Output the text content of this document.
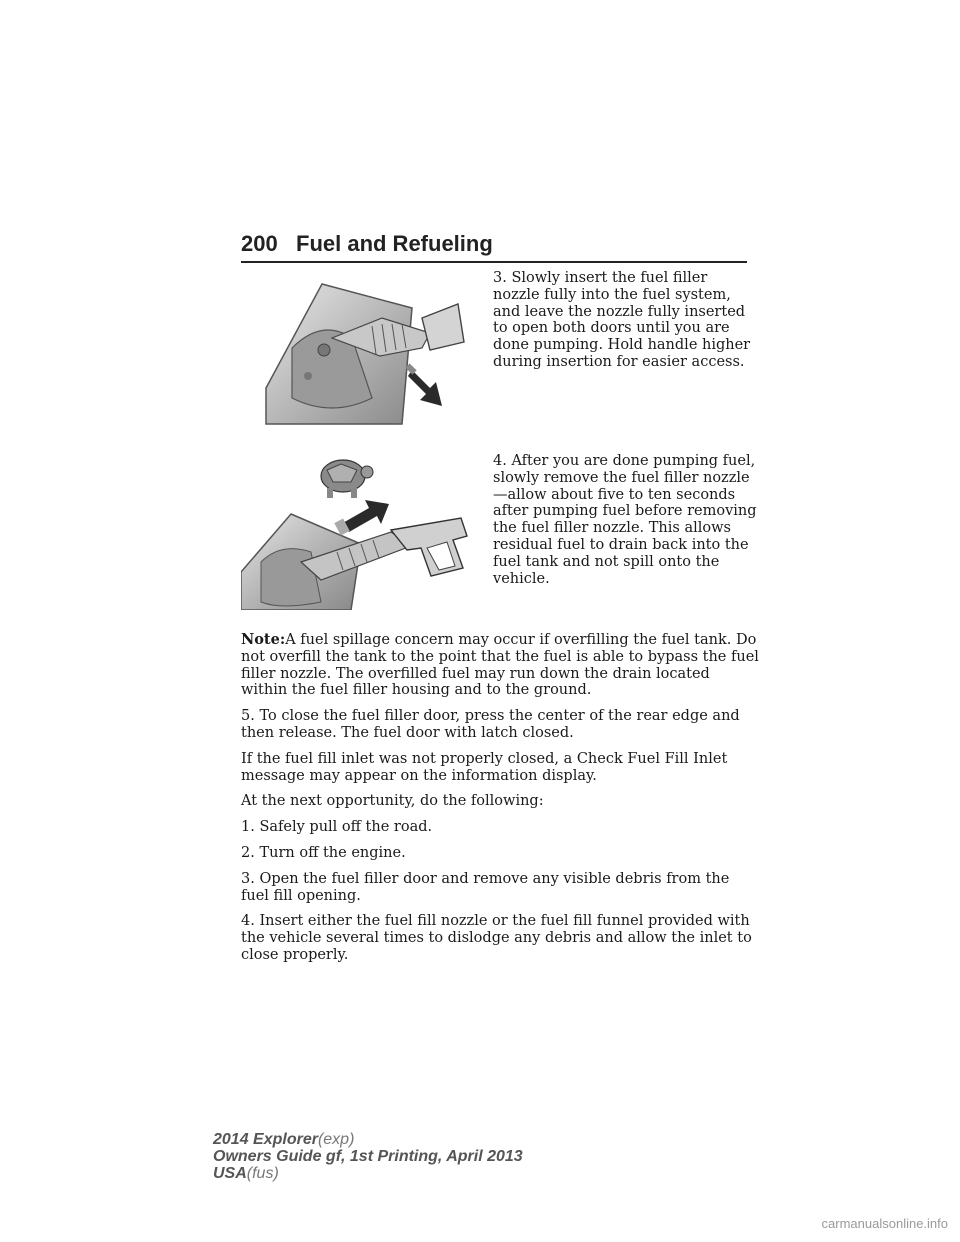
200 Fuel and Refueling
3. Slowly insert the fuel filler nozzle fully into the fuel system, and leave the nozzle fully inserted to open both doors until you are done pumping. Hold handle higher during insertion for easier access.
4. After you are done pumping fuel, slowly remove the fuel filler nozzle—allow about five to ten seconds after pumping fuel before removing the fuel filler nozzle. This allows residual fuel to drain back into the fuel tank and not spill onto the vehicle.

Note:A fuel spillage concern may occur if overfilling the fuel tank. Do not overfill the tank to the point that the fuel is able to bypass the fuel filler nozzle. The overfilled fuel may run down the drain located within the fuel filler housing and to the ground.

5. To close the fuel filler door, press the center of the rear edge and then release. The fuel door with latch closed.

If the fuel fill inlet was not properly closed, a Check Fuel Fill Inlet message may appear on the information display.

At the next opportunity, do the following:

1. Safely pull off the road.

2. Turn off the engine.

3. Open the fuel filler door and remove any visible debris from the fuel fill opening.

4. Insert either the fuel fill nozzle or the fuel fill funnel provided with the vehicle several times to dislodge any debris and allow the inlet to close properly.

2014 Explorer(exp)
Owners Guide gf, 1st Printing, April 2013
USA(fus)
carmanualsonline.info
